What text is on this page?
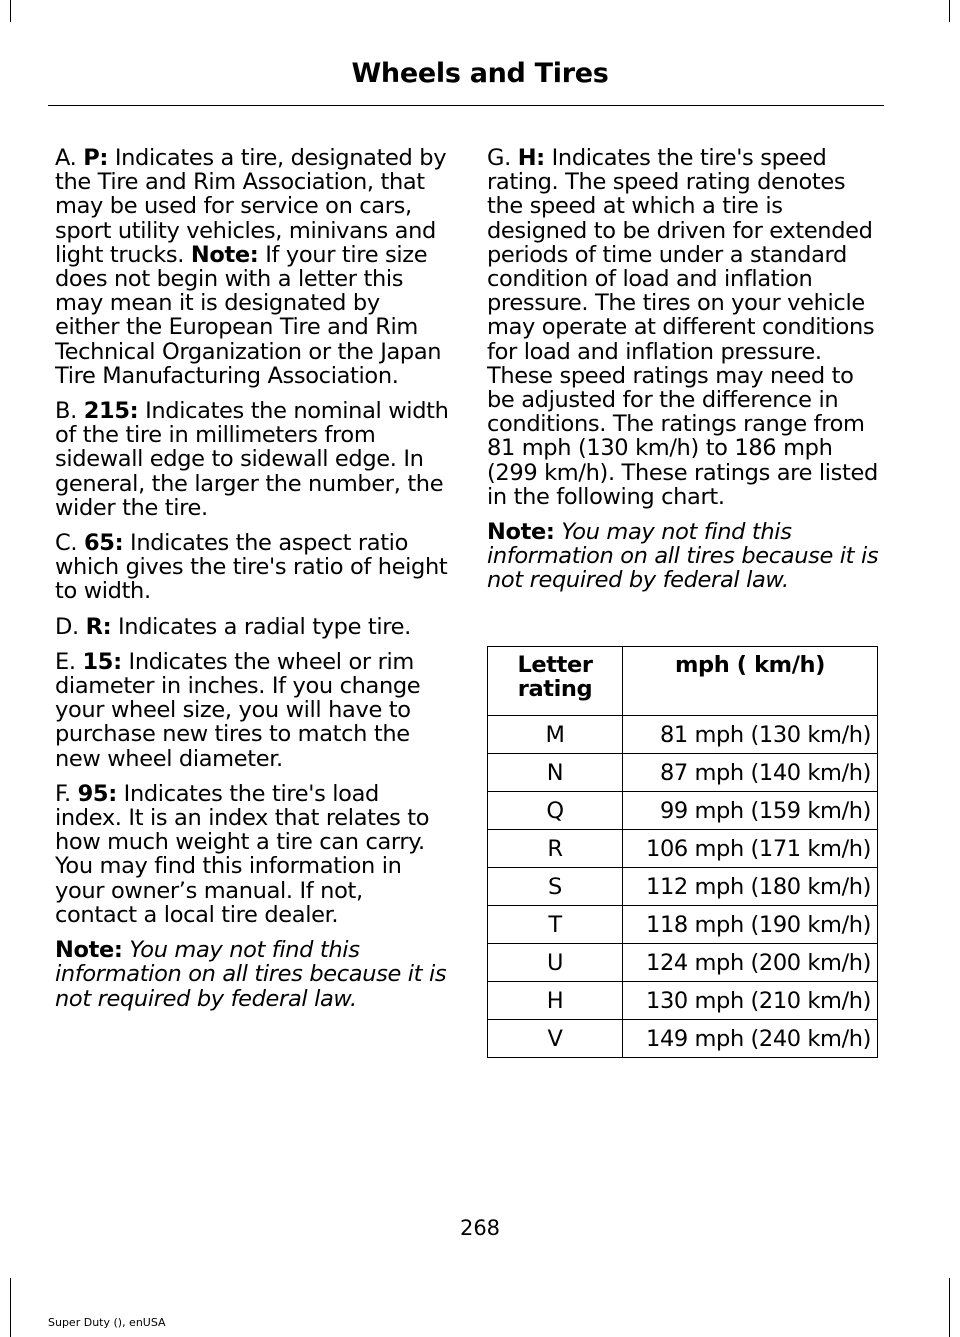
Wheels and Tires

A. P: Indicates a tire, designated by the Tire and Rim Association, that may be used for service on cars, sport utility vehicles, minivans and light trucks. Note: If your tire size does not begin with a letter this may mean it is designated by either the European Tire and Rim Technical Organization or the Japan Tire Manufacturing Association.

B. 215: Indicates the nominal width of the tire in millimeters from sidewall edge to sidewall edge. In general, the larger the number, the wider the tire.

C. 65: Indicates the aspect ratio which gives the tire's ratio of height to width.

D. R: Indicates a radial type tire.

E. 15: Indicates the wheel or rim diameter in inches. If you change your wheel size, you will have to purchase new tires to match the new wheel diameter.

F. 95: Indicates the tire's load index. It is an index that relates to how much weight a tire can carry. You may find this information in your owner’s manual. If not, contact a local tire dealer.

Note: You may not find this information on all tires because it is not required by federal law.

G. H: Indicates the tire's speed rating. The speed rating denotes the speed at which a tire is designed to be driven for extended periods of time under a standard condition of load and inflation pressure. The tires on your vehicle may operate at different conditions for load and inflation pressure. These speed ratings may need to be adjusted for the difference in conditions. The ratings range from 81 mph (130 km/h) to 186 mph (299 km/h). These ratings are listed in the following chart.

Note: You may not find this information on all tires because it is not required by federal law.

Letter rating	mph ( km/h)
M	81 mph (130 km/h)
N	87 mph (140 km/h)
Q	99 mph (159 km/h)
R	106 mph (171 km/h)
S	112 mph (180 km/h)
T	118 mph (190 km/h)
U	124 mph (200 km/h)
H	130 mph (210 km/h)
V	149 mph (240 km/h)
268
Super Duty (), enUSA
